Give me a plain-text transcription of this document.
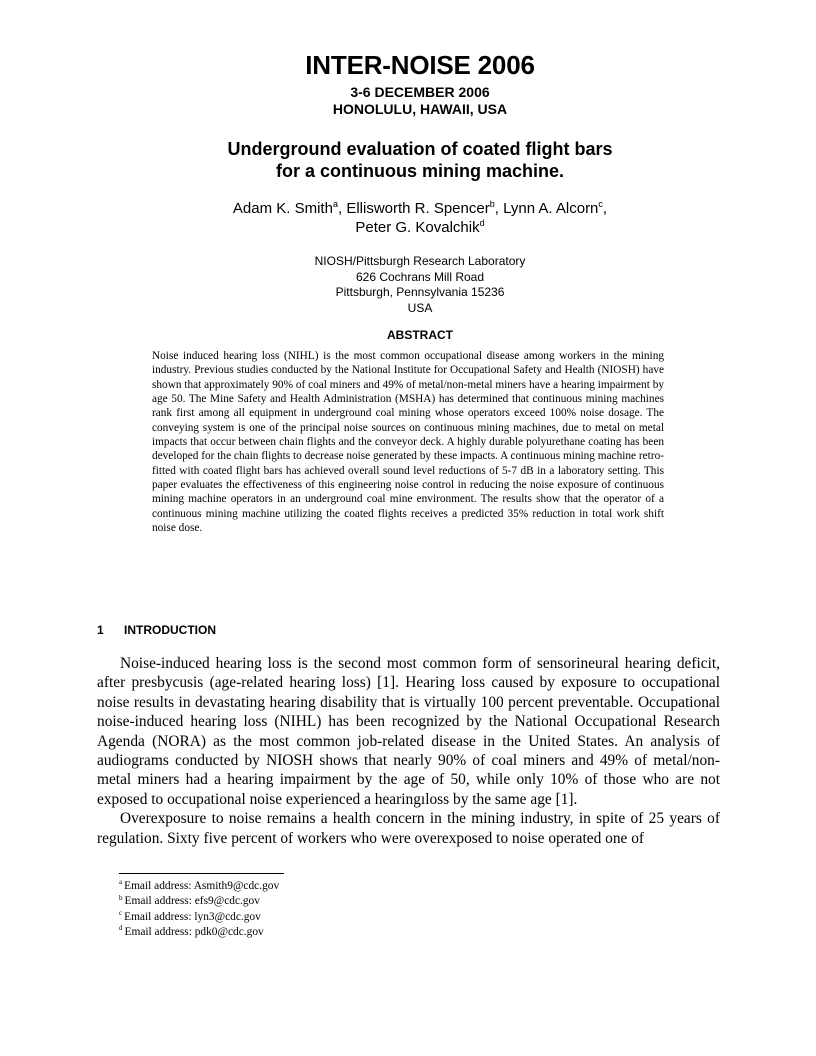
INTER-NOISE 2006
3-6 DECEMBER 2006
HONOLULU, HAWAII, USA
Underground evaluation of coated flight bars
for a continuous mining machine.
Adam K. Smith$^a$, Ellisworth R. Spencer$^b$, Lynn A. Alcorn$^c$,
Peter G. Kovalchik$^d$
NIOSH/Pittsburgh Research Laboratory
626 Cochrans Mill Road
Pittsburgh, Pennsylvania 15236
USA
ABSTRACT
Noise induced hearing loss (NIHL) is the most common occupational disease among workers in the mining industry. Previous studies conducted by the National Institute for Occupational Safety and Health (NIOSH) have shown that approximately 90% of coal miners and 49% of metal/non-metal miners have a hearing impairment by age 50. The Mine Safety and Health Administration (MSHA) has determined that continuous mining machines rank first among all equipment in underground coal mining whose operators exceed 100% noise dosage. The conveying system is one of the principal noise sources on continuous mining machines, due to metal on metal impacts that occur between chain flights and the conveyor deck. A highly durable polyurethane coating has been developed for the chain flights to decrease noise generated by these impacts. A continuous mining machine retro-fitted with coated flight bars has achieved overall sound level reductions of 5-7 dB in a laboratory setting. This paper evaluates the effectiveness of this engineering noise control in reducing the noise exposure of continuous mining machine operators in an underground coal mine environment. The results show that the operator of a continuous mining machine utilizing the coated flights receives a predicted 35% reduction in total work shift noise dose.
1 INTRODUCTION

Noise-induced hearing loss is the second most common form of sensorineural hearing deficit, after presbycusis (age-related hearing loss) [1]. Hearing loss caused by exposure to occupational noise results in devastating hearing disability that is virtually 100 percent preventable. Occupational noise-induced hearing loss (NIHL) has been recognized by the National Occupational Research Agenda (NORA) as the most common job-related disease in the United States. An analysis of audiograms conducted by NIOSH shows that nearly 90% of coal miners and 49% of metal/non-metal miners had a hearing impairment by the age of 50, while only 10% of those who are not exposed to occupational noise experienced a hearingıloss by the same age [1].

Overexposure to noise remains a health concern in the mining industry, in spite of 25 years of regulation. Sixty five percent of workers who were overexposed to noise operated one of

$^a$ Email address: Asmith9@cdc.gov
$^b$ Email address: efs9@cdc.gov
$^c$ Email address: lyn3@cdc.gov
$^d$ Email address: pdk0@cdc.gov
